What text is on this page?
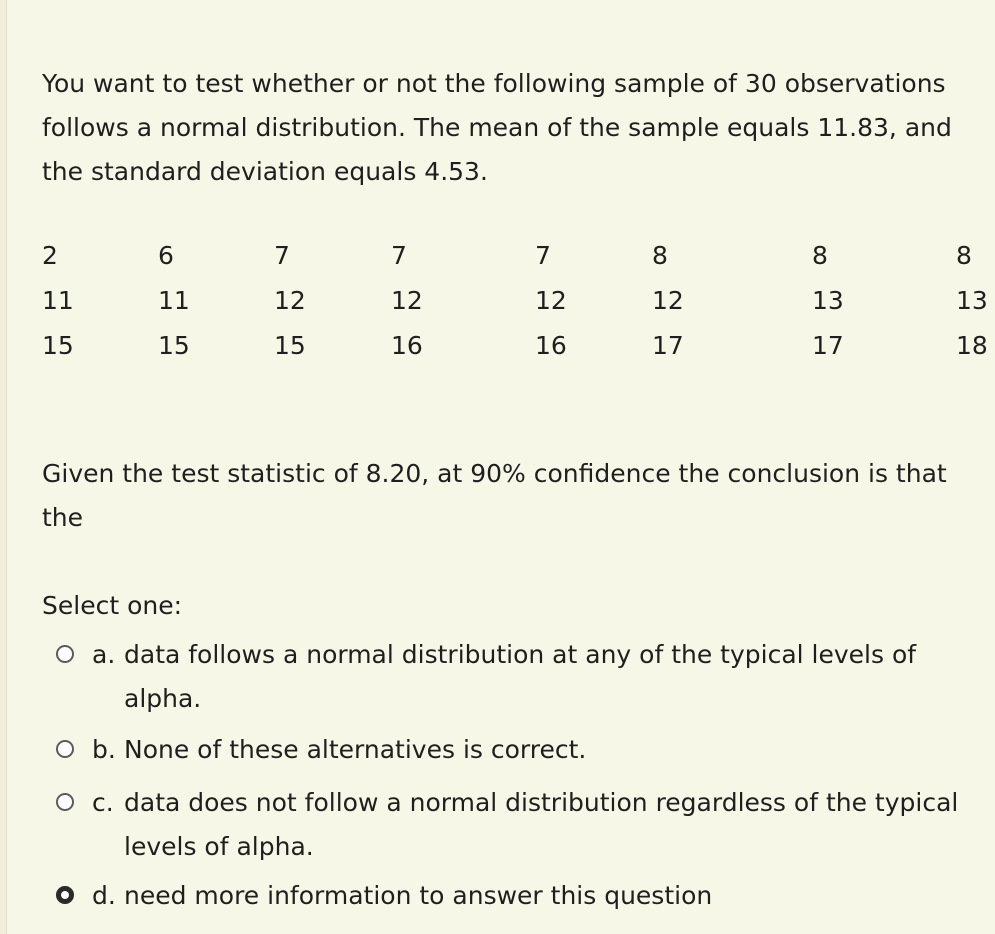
You want to test whether or not the following sample of 30 observations follows a normal distribution. The mean of the sample equals 11.83, and the standard deviation equals 4.53.
2	6	7	7	7	8	8	8
11	11	12	12	12	12	13	13
15	15	15	16	16	17	17	18
Given the test statistic of 8.20, at 90% confidence the conclusion is that the
Select one:
a. data follows a normal distribution at any of the typical levels of alpha.
b. None of these alternatives is correct.
c. data does not follow a normal distribution regardless of the typical levels of alpha.
d. need more information to answer this question
